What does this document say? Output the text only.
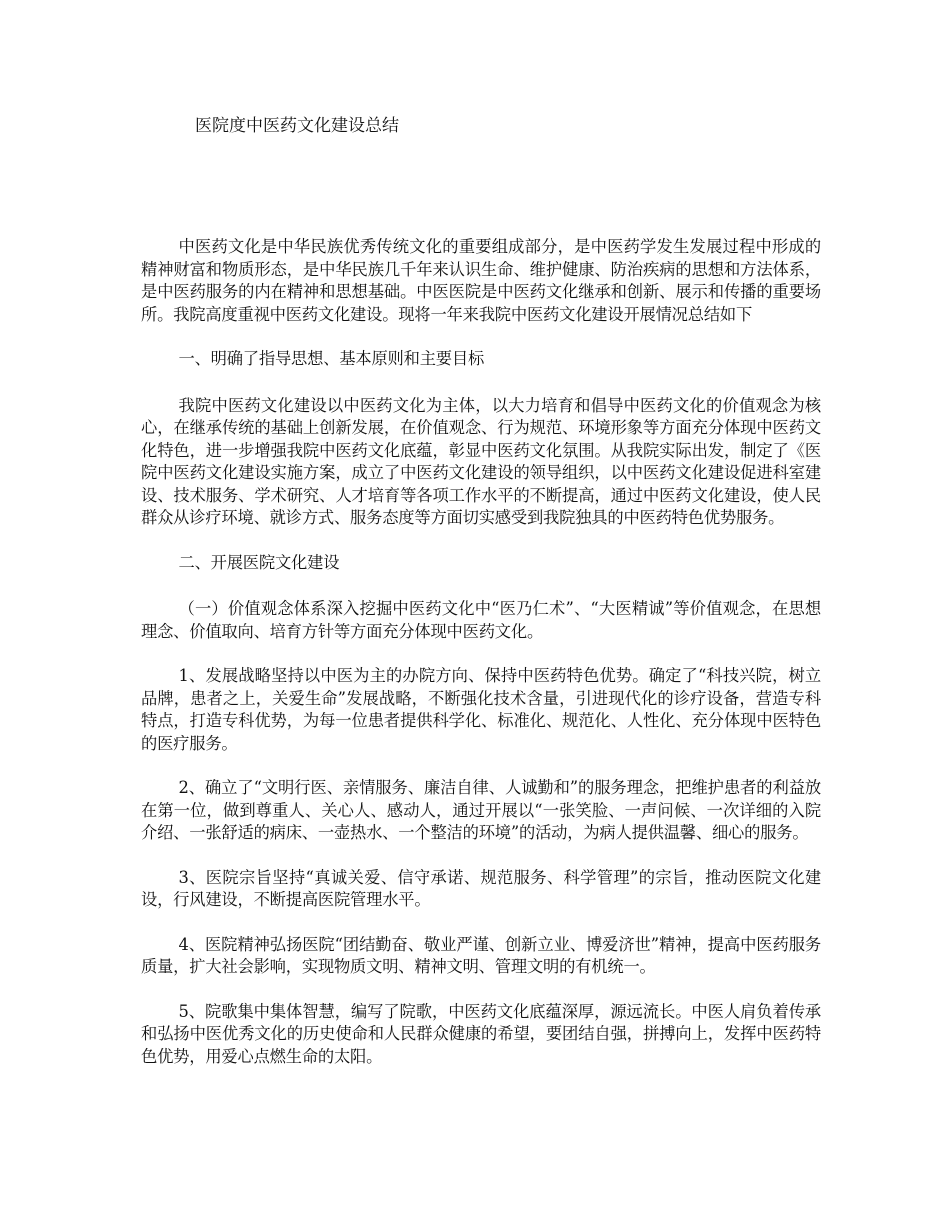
医院度中医药文化建设总结

中医药文化是中华民族优秀传统文化的重要组成部分，是中医药学发生发展过程中形成的精神财富和物质形态，是中华民族几千年来认识生命、维护健康、防治疾病的思想和方法体系，是中医药服务的内在精神和思想基础。中医医院是中医药文化继承和创新、展示和传播的重要场所。我院高度重视中医药文化建设。现将一年来我院中医药文化建设开展情况总结如下

一、明确了指导思想、基本原则和主要目标

我院中医药文化建设以中医药文化为主体，以大力培育和倡导中医药文化的价值观念为核心，在继承传统的基础上创新发展，在价值观念、行为规范、环境形象等方面充分体现中医药文化特色，进一步增强我院中医药文化底蕴，彰显中医药文化氛围。从我院实际出发，制定了《医院中医药文化建设实施方案，成立了中医药文化建设的领导组织，以中医药文化建设促进科室建设、技术服务、学术研究、人才培育等各项工作水平的不断提高，通过中医药文化建设，使人民群众从诊疗环境、就诊方式、服务态度等方面切实感受到我院独具的中医药特色优势服务。

二、开展医院文化建设

（一）价值观念体系深入挖掘中医药文化中“医乃仁术”、“大医精诚”等价值观念，在思想理念、价值取向、培育方针等方面充分体现中医药文化。

1、发展战略坚持以中医为主的办院方向、保持中医药特色优势。确定了“科技兴院，树立品牌，患者之上，关爱生命”发展战略，不断强化技术含量，引进现代化的诊疗设备，营造专科特点，打造专科优势，为每一位患者提供科学化、标准化、规范化、人性化、充分体现中医特色的医疗服务。

2、确立了“文明行医、亲情服务、廉洁自律、人诚勤和”的服务理念，把维护患者的利益放在第一位，做到尊重人、关心人、感动人，通过开展以“一张笑脸、一声问候、一次详细的入院介绍、一张舒适的病床、一壶热水、一个整洁的环境”的活动，为病人提供温馨、细心的服务。

3、医院宗旨坚持“真诚关爱、信守承诺、规范服务、科学管理”的宗旨，推动医院文化建设，行风建设，不断提高医院管理水平。

4、医院精神弘扬医院“团结勤奋、敬业严谨、创新立业、博爱济世”精神，提高中医药服务质量，扩大社会影响，实现物质文明、精神文明、管理文明的有机统一。

5、院歌集中集体智慧，编写了院歌，中医药文化底蕴深厚，源远流长。中医人肩负着传承和弘扬中医优秀文化的历史使命和人民群众健康的希望，要团结自强，拼搏向上，发挥中医药特色优势，用爱心点燃生命的太阳。
